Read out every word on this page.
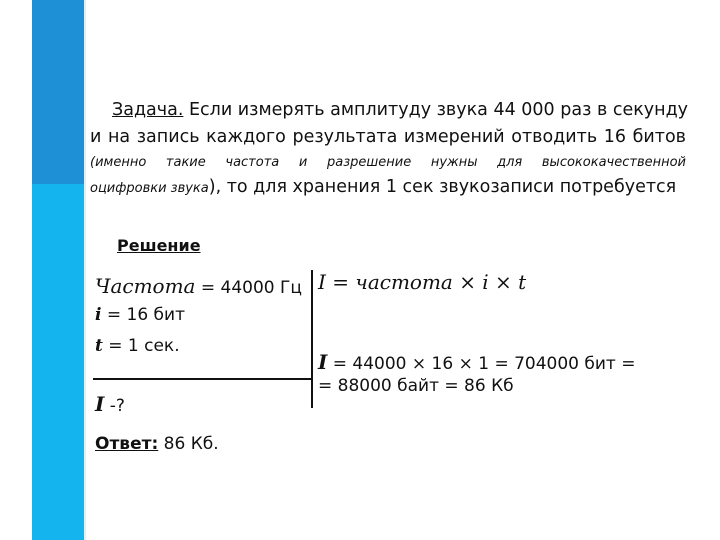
Задача. Если измерять амплитуду звука 44 000 раз в секунду
и на запись каждого результата измерений отводить 16 битов
(именно такие частота и разрешение нужны для высококачественной
оцифровки звука), то для хранения 1 сек звукозаписи потребуется
Решение
Частота = 44000 Гц
i = 16 бит
t = 1 сек.
I -?
I = частота × i × t
I = 44000 × 16 × 1 = 704000 бит =
= 88000 байт = 86 Кб
Ответ: 86 Кб.
